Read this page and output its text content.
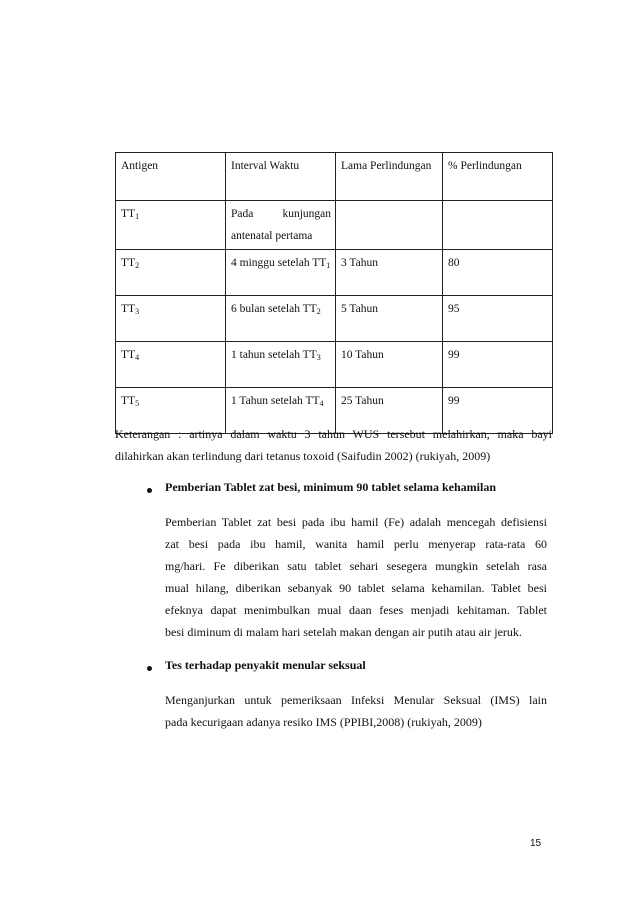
Antigen	Interval Waktu	Lama Perlindungan	% Perlindungan
TT1	Pada kunjungan antenatal pertama		
TT2	4 minggu setelah TT1	3 Tahun	80
TT3	6 bulan setelah TT2	5 Tahun	95
TT4	1 tahun setelah TT3	10 Tahun	99
TT5	1 Tahun setelah TT4	25 Tahun	99
Keterangan : artinya dalam waktu 3 tahun WUS tersebut melahirkan, maka bayi
dilahirkan akan terlindung dari tetanus toxoid (Saifudin 2002) (rukiyah, 2009)
Pemberian Tablet zat besi, minimum 90 tablet selama kehamilan
Pemberian Tablet zat besi pada ibu hamil (Fe) adalah mencegah defisiensi
zat besi pada ibu hamil, wanita hamil perlu menyerap rata-rata 60
mg/hari. Fe diberikan satu tablet sehari sesegera mungkin setelah rasa
mual hilang, diberikan sebanyak 90 tablet selama kehamilan. Tablet besi
efeknya dapat menimbulkan mual daan feses menjadi kehitaman. Tablet
besi diminum di malam hari setelah makan dengan air putih atau air jeruk.
Tes terhadap penyakit menular seksual
Menganjurkan untuk pemeriksaan Infeksi Menular Seksual (IMS) lain
pada kecurigaan adanya resiko IMS (PPIBI,2008) (rukiyah, 2009)
15
